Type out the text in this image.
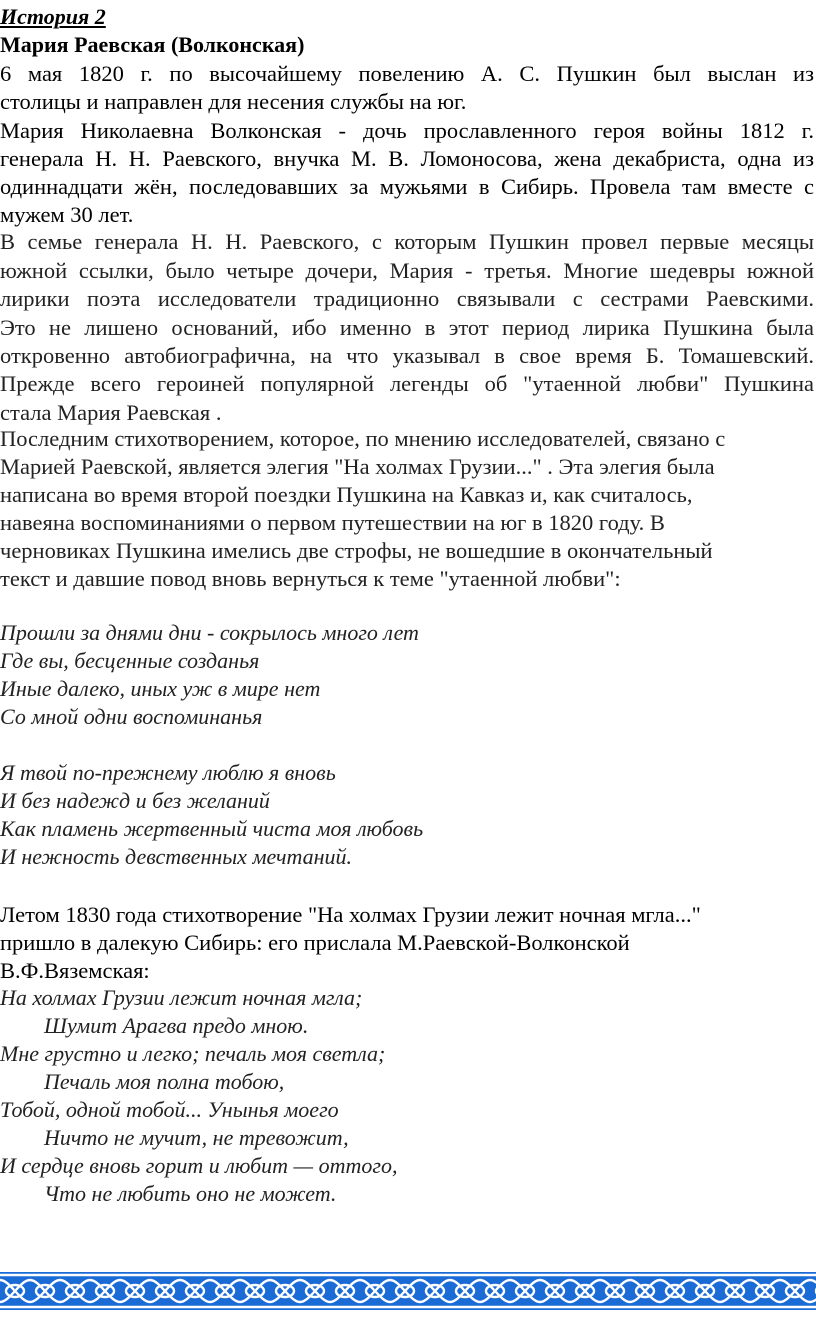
История 2
Мария Раевская (Волконская)
6 мая 1820 г. по высочайшему повелению А. С. Пушкин был выслан из
столицы и направлен для несения службы на юг.
Мария Николаевна Волконская - дочь прославленного героя войны 1812 г.
генерала Н. Н. Раевского, внучка М. В. Ломоносова, жена декабриста, одна из
одиннадцати жён, последовавших за мужьями в Сибирь. Провела там вместе с
мужем 30 лет.
В семье генерала Н. Н. Раевского, с которым Пушкин провел первые месяцы
южной ссылки, было четыре дочери, Мария - третья. Многие шедевры южной
лирики поэта исследователи традиционно связывали с сестрами Раевскими.
Это не лишено оснований, ибо именно в этот период лирика Пушкина была
откровенно автобиографична, на что указывал в свое время Б. Томашевский.
Прежде всего героиней популярной легенды об "утаенной любви" Пушкина
стала Мария Раевская .
Последним стихотворением, которое, по мнению исследователей, связано с
Марией Раевской, является элегия "На холмах Грузии..." . Эта элегия была
написана во время второй поездки Пушкина на Кавказ и, как считалось,
навеяна воспоминаниями о первом путешествии на юг в 1820 году. В
черновиках Пушкина имелись две строфы, не вошедшие в окончательный
текст и давшие повод вновь вернуться к теме "утаенной любви":
Прошли за днями дни - сокрылось много лет
Где вы, бесценные созданья
Иные далеко, иных уж в мире нет
Со мной одни воспоминанья
Я твой по-прежнему люблю я вновь
И без надежд и без желаний
Как пламень жертвенный чиста моя любовь
И нежность девственных мечтаний.
Летом 1830 года стихотворение "На холмах Грузии лежит ночная мгла..."
пришло в далекую Сибирь: его прислала М.Раевской-Волконской
В.Ф.Вяземская:
На холмах Грузии лежит ночная мгла;
Шумит Арагва предо мною.
Мне грустно и легко; печаль моя светла;
Печаль моя полна тобою,
Тобой, одной тобой... Унынья моего
Ничто не мучит, не тревожит,
И сердце вновь горит и любит — оттого,
Что не любить оно не может.
